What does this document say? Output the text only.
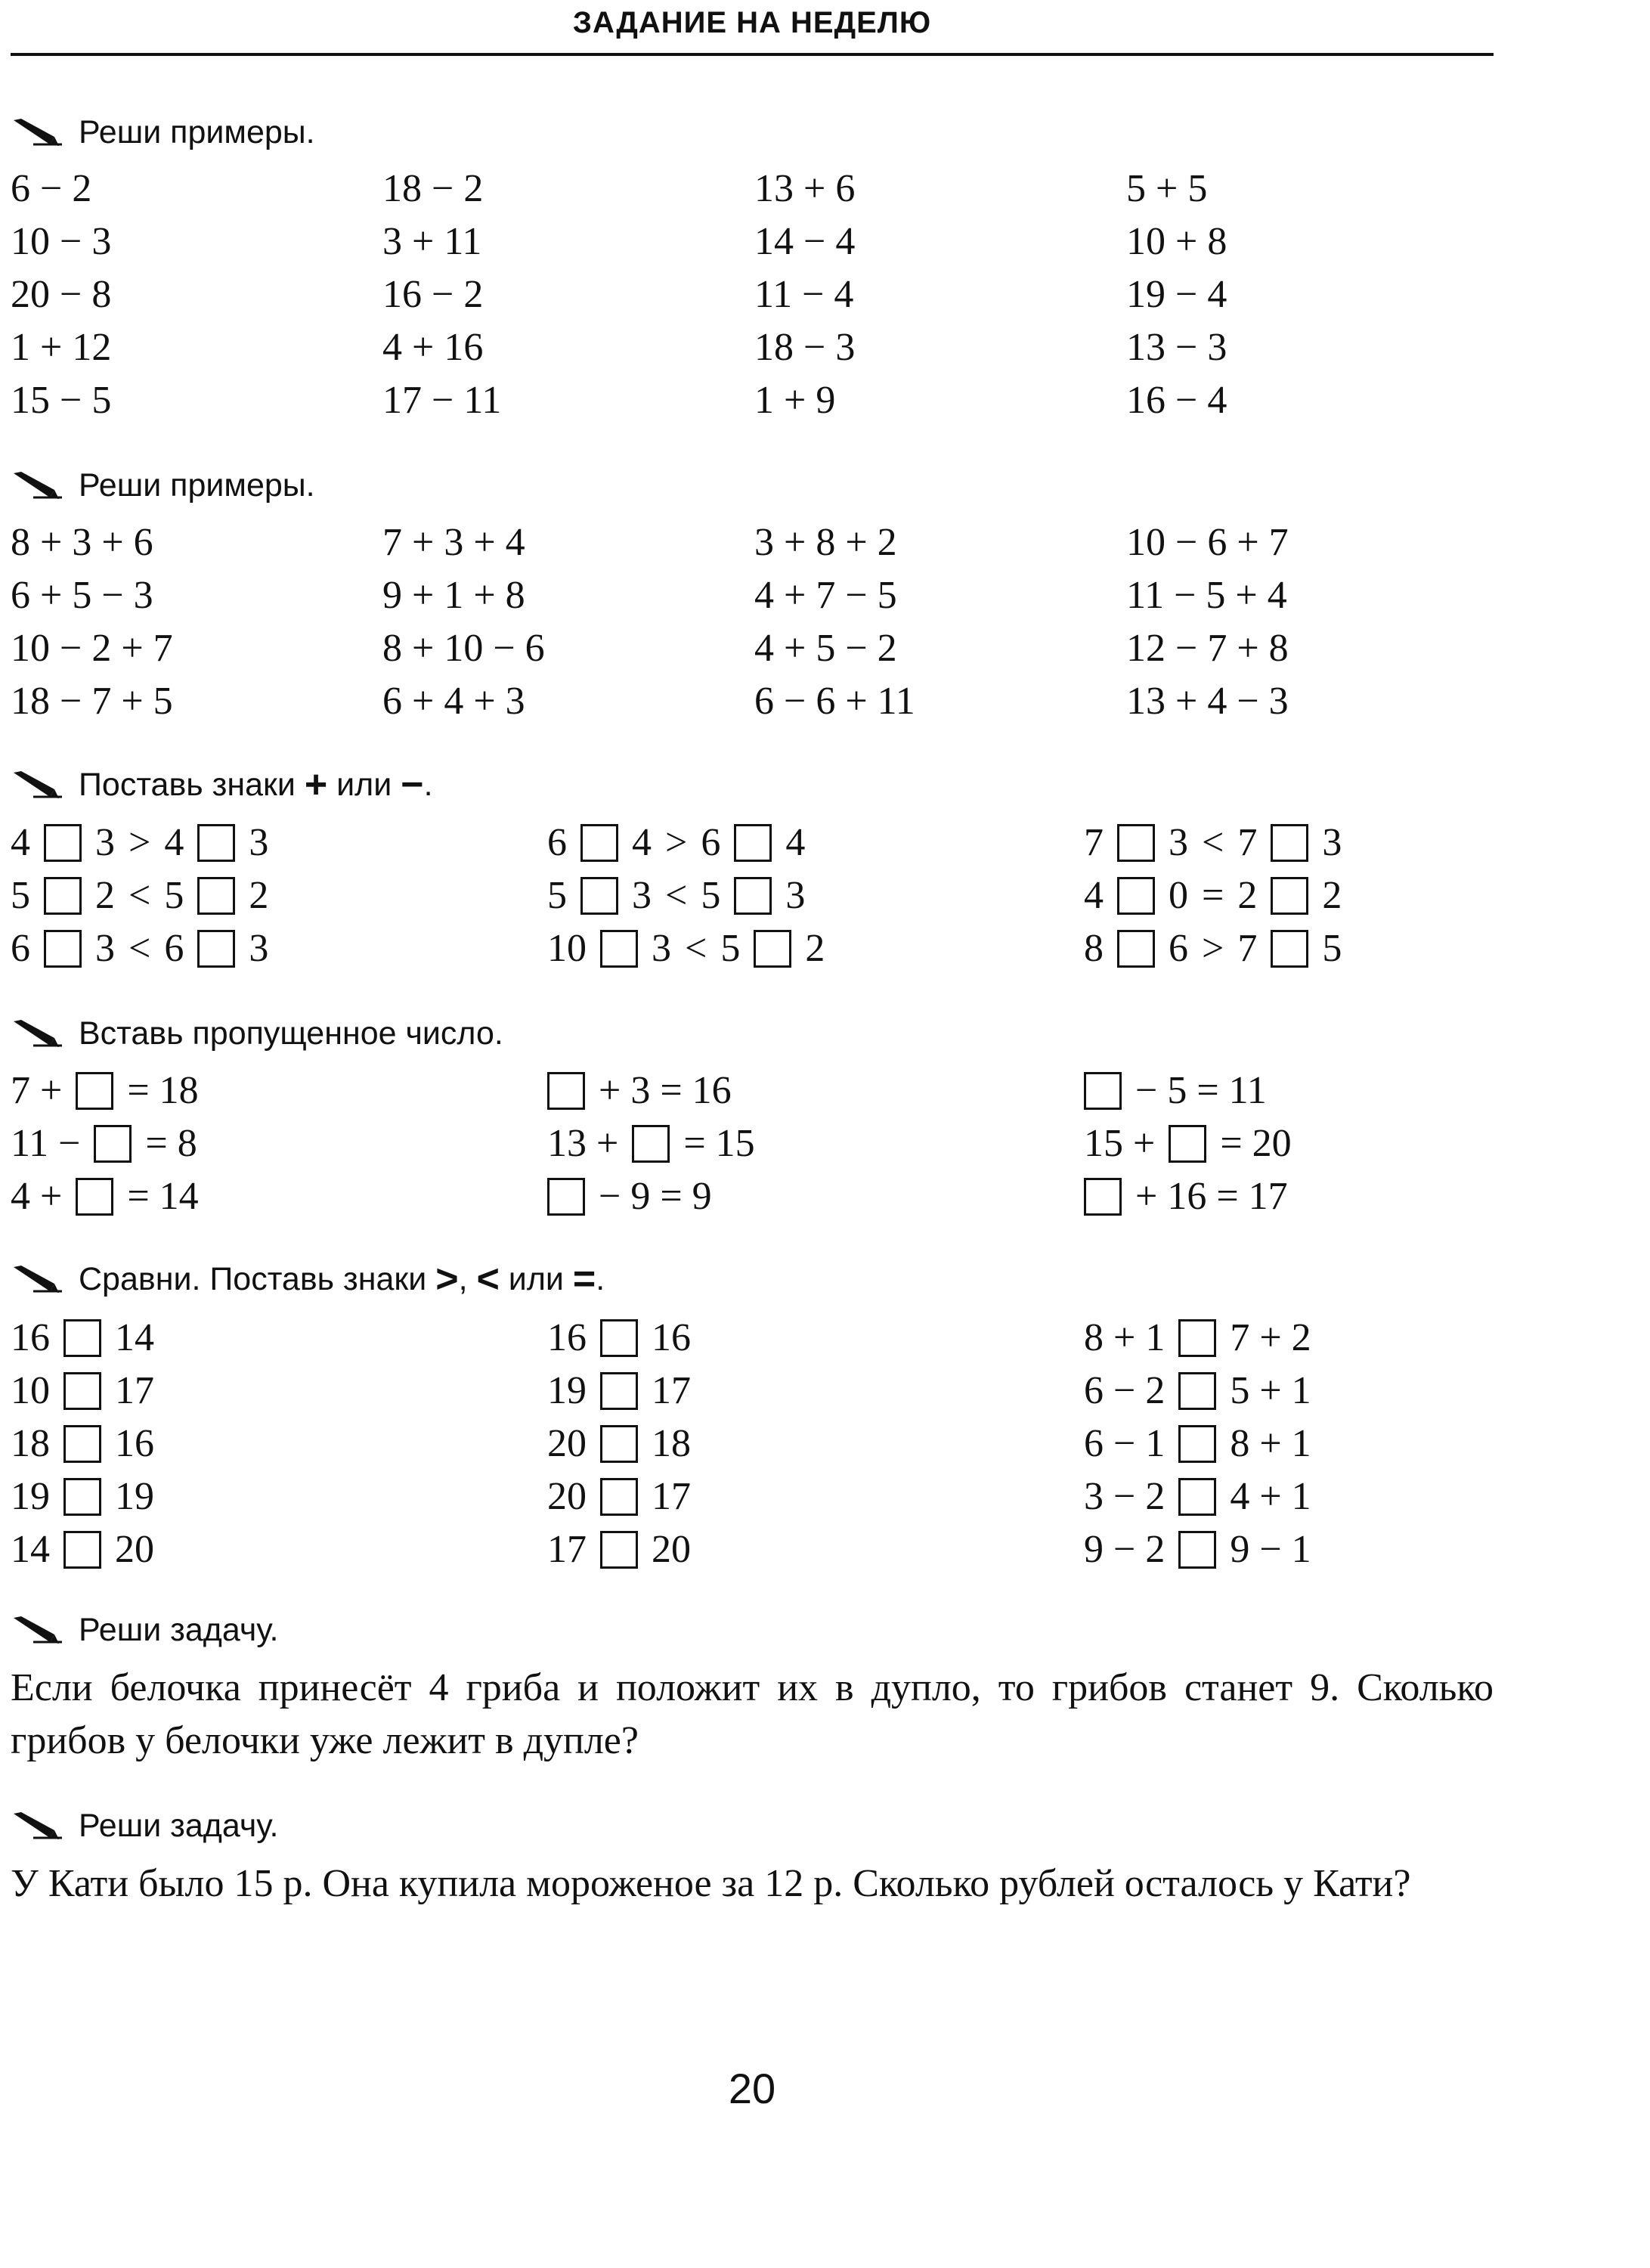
ЗАДАНИЕ НА НЕДЕЛЮ
Реши примеры.
6 − 2
10 − 3
20 − 8
1 + 12
15 − 5
18 − 2
3 + 11
16 − 2
4 + 16
17 − 11
13 + 6
14 − 4
11 − 4
18 − 3
1 + 9
5 + 5
10 + 8
19 − 4
13 − 3
16 − 4
Реши примеры.
8 + 3 + 6
6 + 5 − 3
10 − 2 + 7
18 − 7 + 5
7 + 3 + 4
9 + 1 + 8
8 + 10 − 6
6 + 4 + 3
3 + 8 + 2
4 + 7 − 5
4 + 5 − 2
6 − 6 + 11
10 − 6 + 7
11 − 5 + 4
12 − 7 + 8
13 + 4 − 3
Поставь знаки
+
или
− .
4 3 > 4 3
5 2 < 5 2
6 3 < 6 3
6 4 > 6 4
5 3 < 5 3
10 3 < 5 2
7 3 < 7 3
4 0 = 2 2
8 6 > 7 5
Вставь пропущенное число.
7 + = 18
11 − = 8
4 + = 14
+ 3 = 16
13 + = 15
− 9 = 9
− 5 = 11
15 + = 20
+ 16 = 17
Сравни. Поставь знаки
> ,
<
или
= .
16 14
10 17
18 16
19 19
14 20
16 16
19 17
20 18
20 17
17 20
8 + 1 7 + 2
6 − 2 5 + 1
6 − 1 8 + 1
3 − 2 4 + 1
9 − 2 9 − 1
Реши задачу.
Если белочка принесёт 4 гриба и положит их в дупло, то грибов станет 9. Сколько грибов у белочки уже лежит в дупле?
Реши задачу.
У Кати было 15 р. Она купила мороженое за 12 р. Сколько рублей осталось у Кати?
20
